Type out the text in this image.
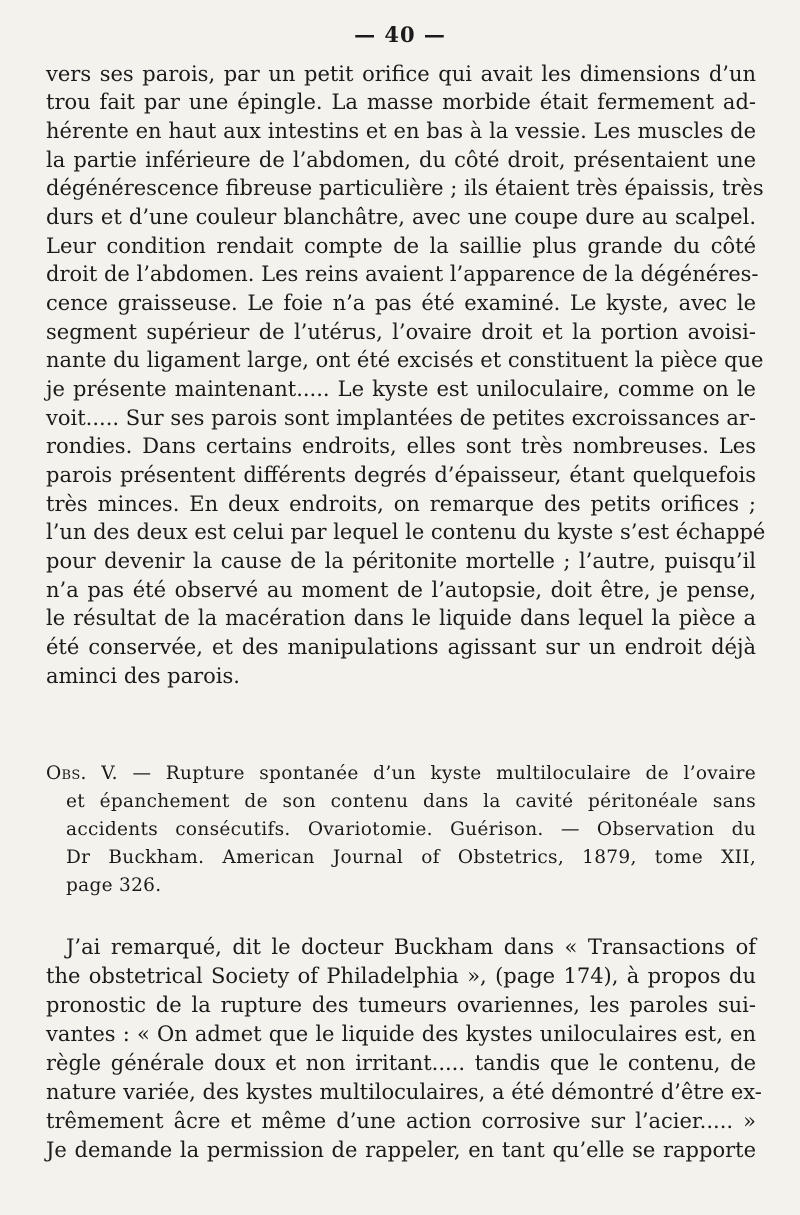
— 40 —
vers ses parois, par un petit orifice qui avait les dimensions d’un
trou fait par une épingle. La masse morbide était fermement ad-
hérente en haut aux intestins et en bas à la vessie. Les muscles de
la partie inférieure de l’abdomen, du côté droit, présentaient une
dégénérescence fibreuse particulière ; ils étaient très épaissis, très
durs et d’une couleur blanchâtre, avec une coupe dure au scalpel.
Leur condition rendait compte de la saillie plus grande du côté
droit de l’abdomen. Les reins avaient l’apparence de la dégénéres-
cence graisseuse. Le foie n’a pas été examiné. Le kyste, avec le
segment supérieur de l’utérus, l’ovaire droit et la portion avoisi-
nante du ligament large, ont été excisés et constituent la pièce que
je présente maintenant..... Le kyste est uniloculaire, comme on le
voit..... Sur ses parois sont implantées de petites excroissances ar-
rondies. Dans certains endroits, elles sont très nombreuses. Les
parois présentent différents degrés d’épaisseur, étant quelquefois
très minces. En deux endroits, on remarque des petits orifices ;
l’un des deux est celui par lequel le contenu du kyste s’est échappé
pour devenir la cause de la péritonite mortelle ; l’autre, puisqu’il
n’a pas été observé au moment de l’autopsie, doit être, je pense,
le résultat de la macération dans le liquide dans lequel la pièce a
été conservée, et des manipulations agissant sur un endroit déjà
aminci des parois.
Obs. V. — Rupture spontanée d’un kyste multiloculaire de l’ovaire
et épanchement de son contenu dans la cavité péritonéale sans
accidents consécutifs. Ovariotomie. Guérison. — Observation du
Dr Buckham. American Journal of Obstetrics, 1879, tome XII,
page 326.
J’ai remarqué, dit le docteur Buckham dans « Transactions of
the obstetrical Society of Philadelphia », (page 174), à propos du
pronostic de la rupture des tumeurs ovariennes, les paroles sui-
vantes : « On admet que le liquide des kystes uniloculaires est, en
règle générale doux et non irritant..... tandis que le contenu, de
nature variée, des kystes multiloculaires, a été démontré d’être ex-
trêmement âcre et même d’une action corrosive sur l’acier..... »
Je demande la permission de rappeler, en tant qu’elle se rapporte
